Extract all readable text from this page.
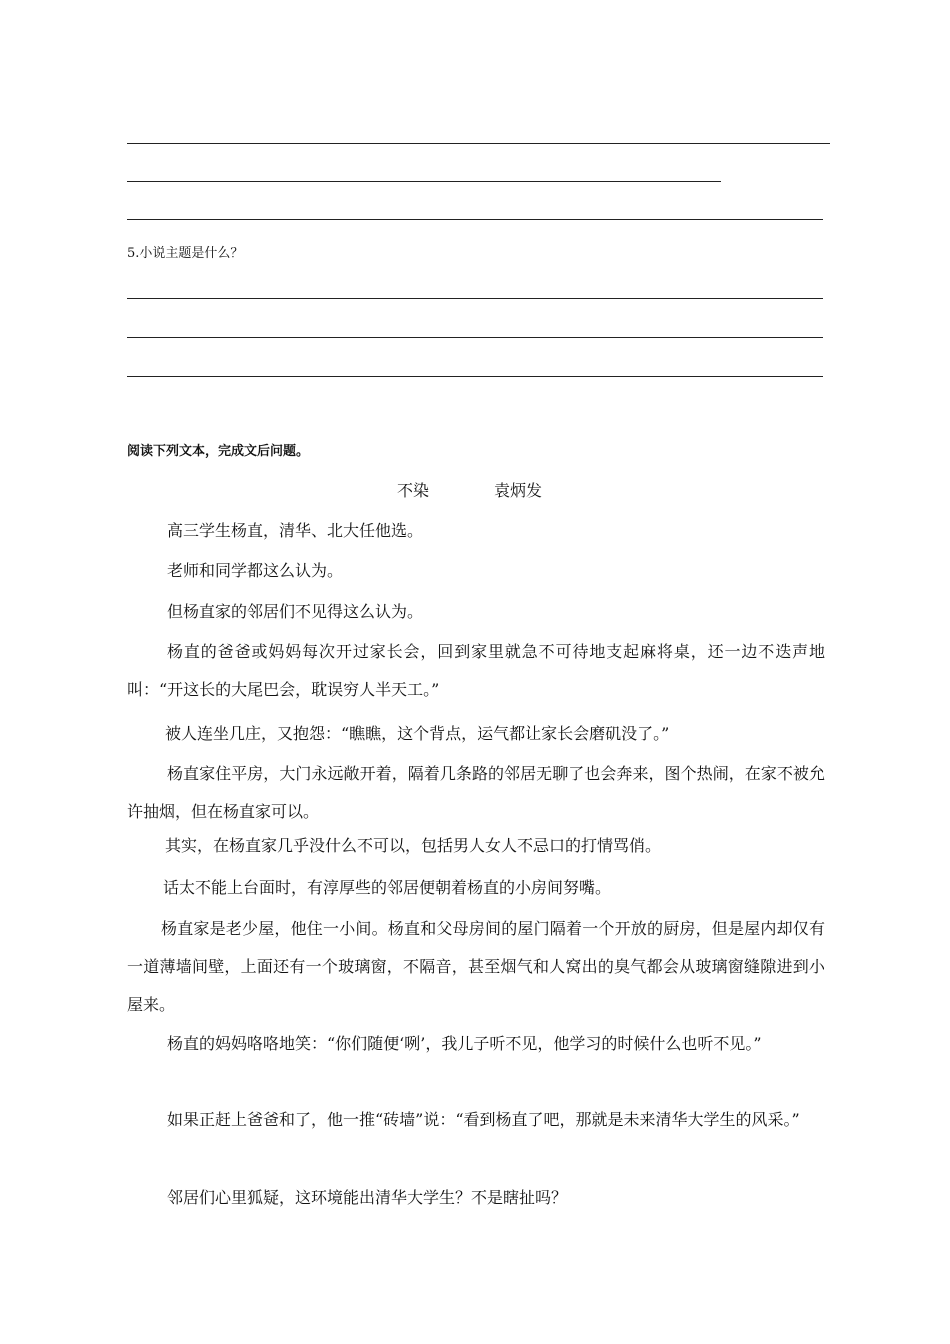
5.小说主题是什么？
阅读下列文本，完成文后问题。
不染	袁炳发
高三学生杨直，清华、北大任他选。
老师和同学都这么认为。
但杨直家的邻居们不见得这么认为。
杨直的爸爸或妈妈每次开过家长会，回到家里就急不可待地支起麻将桌，还一边不迭声地叫：“开这长的大尾巴会，耽误穷人半天工。”
被人连坐几庄，又抱怨：“瞧瞧，这个背点，运气都让家长会磨矶没了。”
杨直家住平房，大门永远敞开着，隔着几条路的邻居无聊了也会奔来，图个热闹，在家不被允许抽烟，但在杨直家可以。
其实，在杨直家几乎没什么不可以，包括男人女人不忌口的打情骂俏。
话太不能上台面时，有淳厚些的邻居便朝着杨直的小房间努嘴。
杨直家是老少屋，他住一小间。杨直和父母房间的屋门隔着一个开放的厨房，但是屋内却仅有一道薄墙间壁，上面还有一个玻璃窗，不隔音，甚至烟气和人窝出的臭气都会从玻璃窗缝隙进到小屋来。
杨直的妈妈咯咯地笑：“你们随便‘咧’，我儿子听不见，他学习的时候什么也听不见。”
如果正赶上爸爸和了，他一推“砖墙”说：“看到杨直了吧，那就是未来清华大学生的风采。”
邻居们心里狐疑，这环境能出清华大学生？不是瞎扯吗？
